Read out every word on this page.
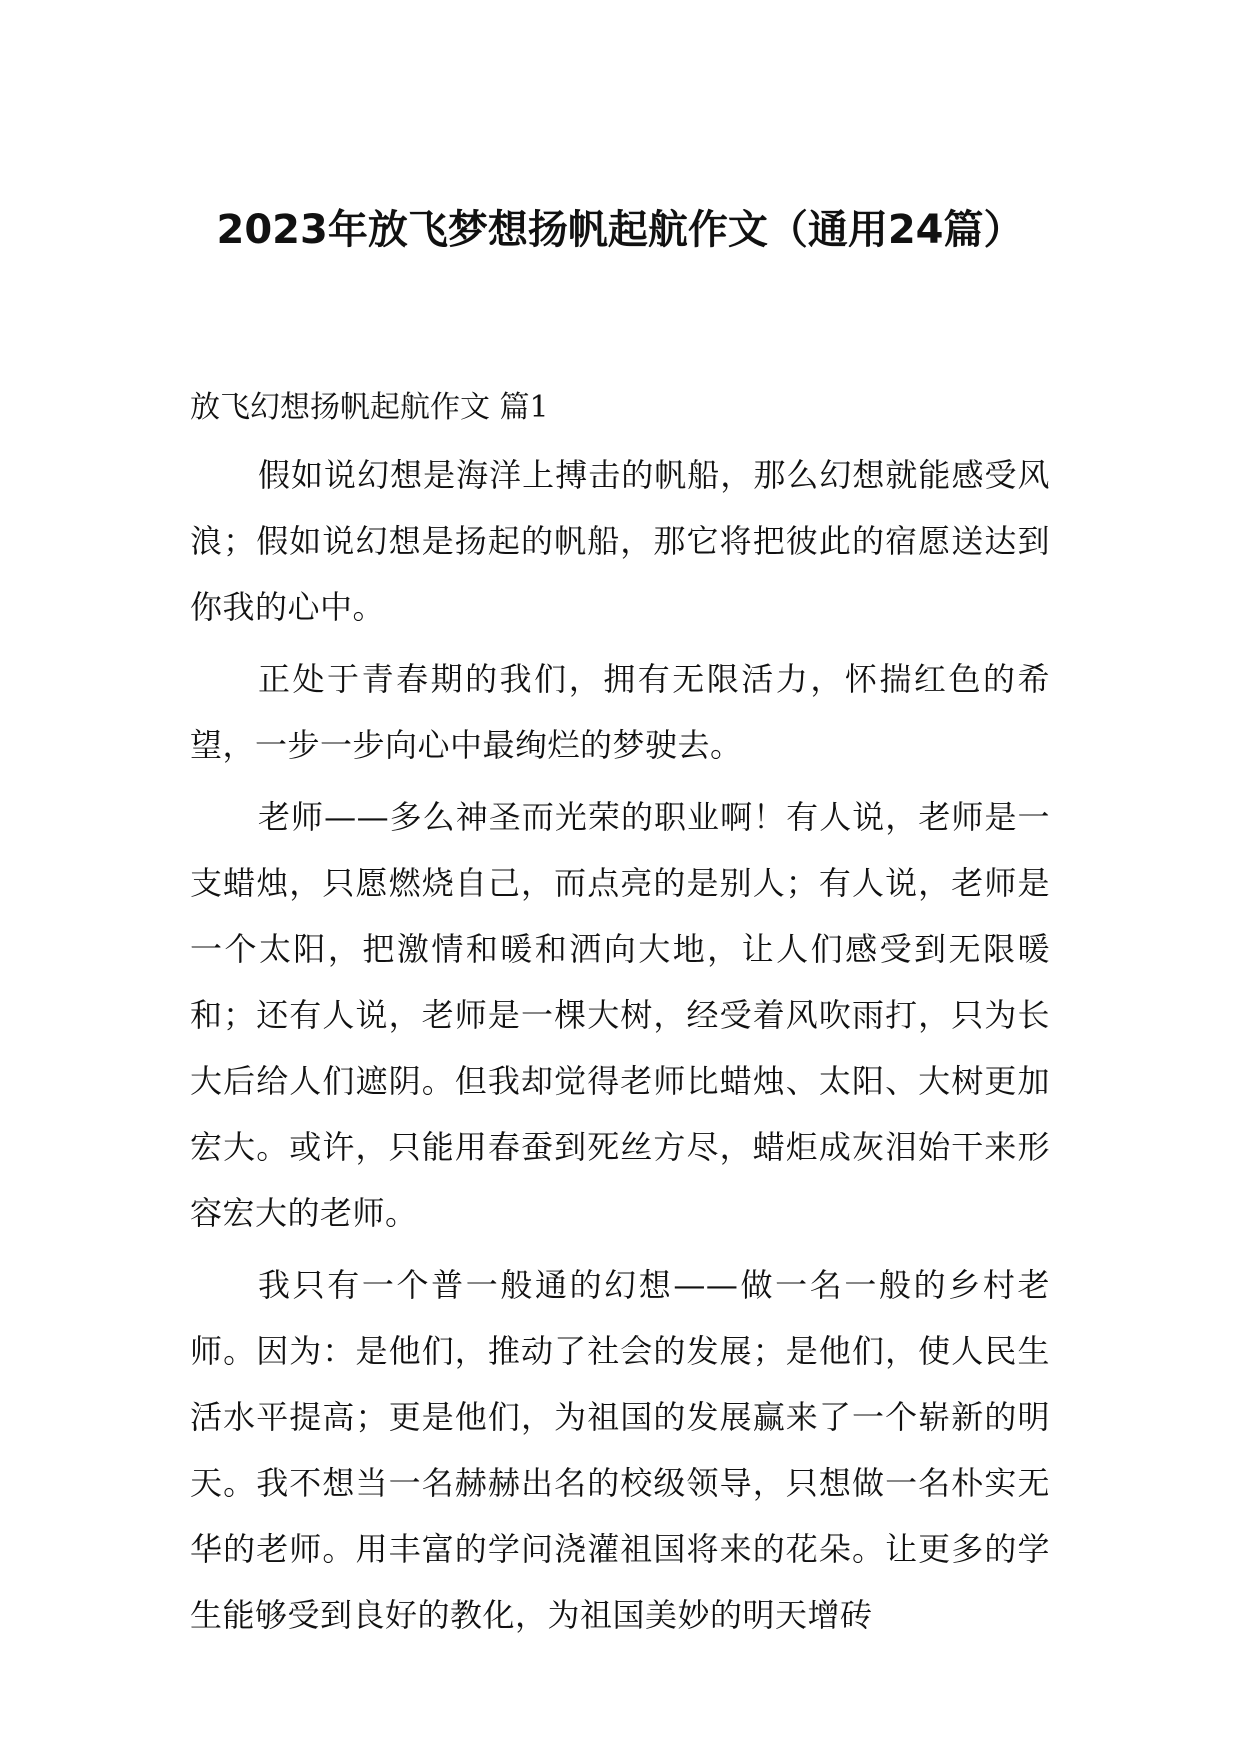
2023年放飞梦想扬帆起航作文（通用24篇）
放飞幻想扬帆起航作文 篇1

假如说幻想是海洋上搏击的帆船，那么幻想就能感受风浪；假如说幻想是扬起的帆船，那它将把彼此的宿愿送达到你我的心中。

正处于青春期的我们，拥有无限活力，怀揣红色的希望，一步一步向心中最绚烂的梦驶去。

老师——多么神圣而光荣的职业啊！有人说，老师是一支蜡烛，只愿燃烧自己，而点亮的是别人；有人说，老师是一个太阳，把激情和暖和洒向大地，让人们感受到无限暖和；还有人说，老师是一棵大树，经受着风吹雨打，只为长大后给人们遮阴。但我却觉得老师比蜡烛、太阳、大树更加宏大。或许，只能用春蚕到死丝方尽，蜡炬成灰泪始干来形容宏大的老师。

我只有一个普一般通的幻想——做一名一般的乡村老师。因为：是他们，推动了社会的发展；是他们，使人民生活水平提高；更是他们，为祖国的发展赢来了一个崭新的明天。我不想当一名赫赫出名的校级领导，只想做一名朴实无华的老师。用丰富的学问浇灌祖国将来的花朵。让更多的学生能够受到良好的教化，为祖国美妙的明天增砖
